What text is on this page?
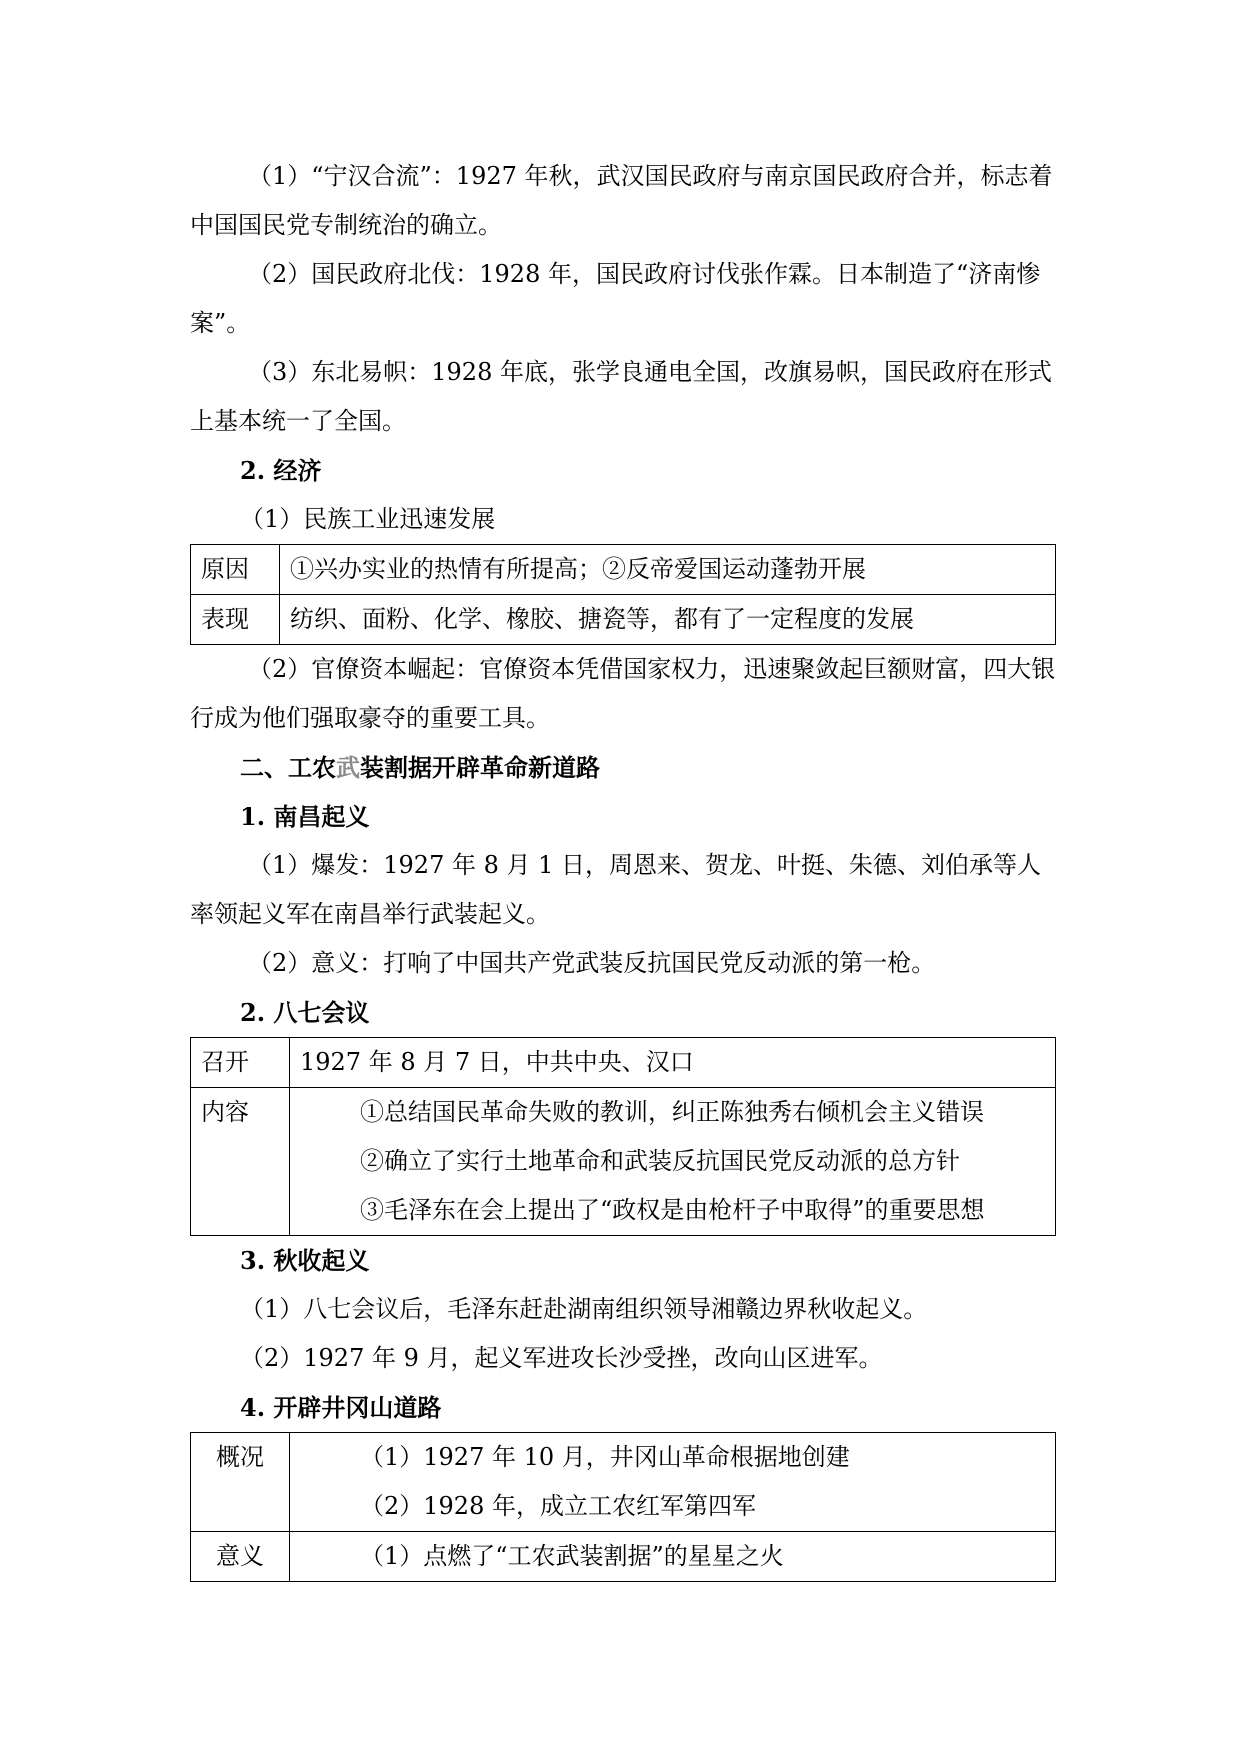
（1）“宁汉合流”：1927 年秋，武汉国民政府与南京国民政府合并，标志着中国国民党专制统治的确立。

（2）国民政府北伐：1928 年，国民政府讨伐张作霖。日本制造了“济南惨案”。

（3）东北易帜：1928 年底，张学良通电全国，改旗易帜，国民政府在形式上基本统一了全国。

2. 经济

（1）民族工业迅速发展

原因	①兴办实业的热情有所提高；②反帝爱国运动蓬勃开展
表现	纺织、面粉、化学、橡胶、搪瓷等，都有了一定程度的发展

（2）官僚资本崛起：官僚资本凭借国家权力，迅速聚敛起巨额财富，四大银行成为他们强取豪夺的重要工具。

二、工农武装割据开辟革命新道路

1. 南昌起义

（1）爆发：1927 年 8 月 1 日，周恩来、贺龙、叶挺、朱德、刘伯承等人率领起义军在南昌举行武装起义。

（2）意义：打响了中国共产党武装反抗国民党反动派的第一枪。

2. 八七会议

召开	1927 年 8 月 7 日，中共中央、汉口
内容	①总结国民革命失败的教训，纠正陈独秀右倾机会主义错误
②确立了实行土地革命和武装反抗国民党反动派的总方针
③毛泽东在会上提出了“政权是由枪杆子中取得”的重要思想

3. 秋收起义

（1）八七会议后，毛泽东赶赴湖南组织领导湘赣边界秋收起义。

（2）1927 年 9 月，起义军进攻长沙受挫，改向山区进军。

4. 开辟井冈山道路

概况	（1）1927 年 10 月，井冈山革命根据地创建
（2）1928 年，成立工农红军第四军

意义	（1）点燃了“工农武装割据”的星星之火
